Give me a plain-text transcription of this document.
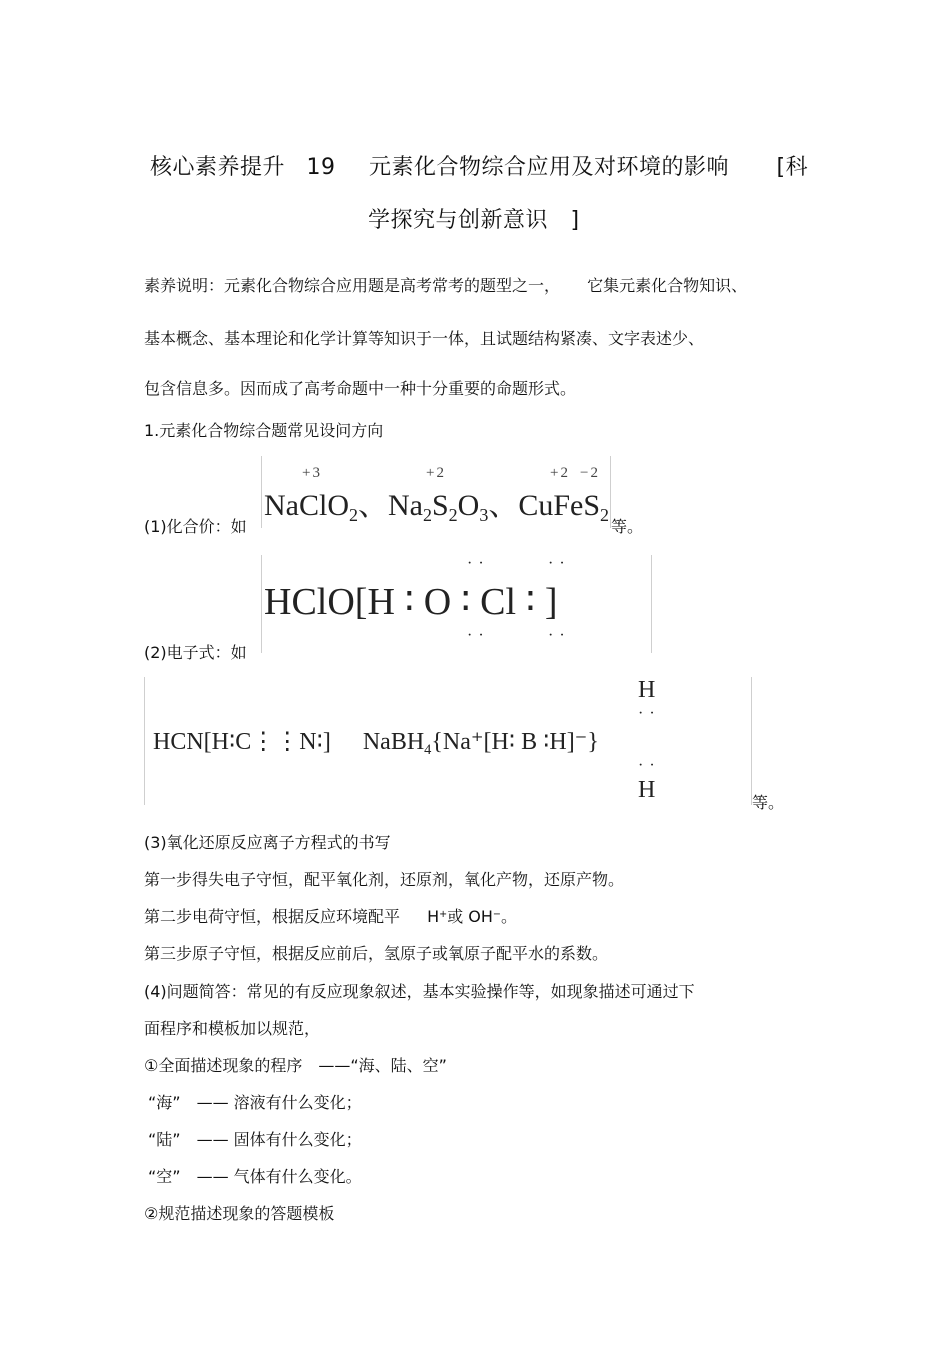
核心素养提升 19 元素化合物综合应用及对环境的影响 [科
学探究与创新意识　]
素养说明：元素化合物综合应用题是高考常考的题型之一， 它集元素化合物知识、
基本概念、基本理论和化学计算等知识于一体，且试题结构紧凑、文字表述少、
包含信息多。因而成了高考命题中一种十分重要的命题形式。
1.元素化合物综合题常见设问方向
(1)化合价：如
+3	+2	+2 −2
NaClO$_2$、$Na_2S_2O_3$、CuFeS$_2$
等。
(2)电子式：如
··	··
HClO[H ∶ O ∶ Cl ∶ ]
··	··
H
··
HCN[H∶C⋮⋮N∶] NaBH$_4${Na⁺[H∶ B ∶H]⁻}
··
H	等。
(3)氧化还原反应离子方程式的书写
第一步得失电子守恒，配平氧化剂，还原剂，氧化产物，还原产物。
第二步电荷守恒，根据反应环境配平 H+或 OH−。
第三步原子守恒，根据反应前后，氢原子或氧原子配平水的系数。
(4)问题简答：常见的有反应现象叙述，基本实验操作等，如现象描述可通过下
面程序和模板加以规范，
①全面描述现象的程序　——“海、陆、空”
“海”　—— 溶液有什么变化；
“陆”　—— 固体有什么变化；
“空”　—— 气体有什么变化。
②规范描述现象的答题模板
